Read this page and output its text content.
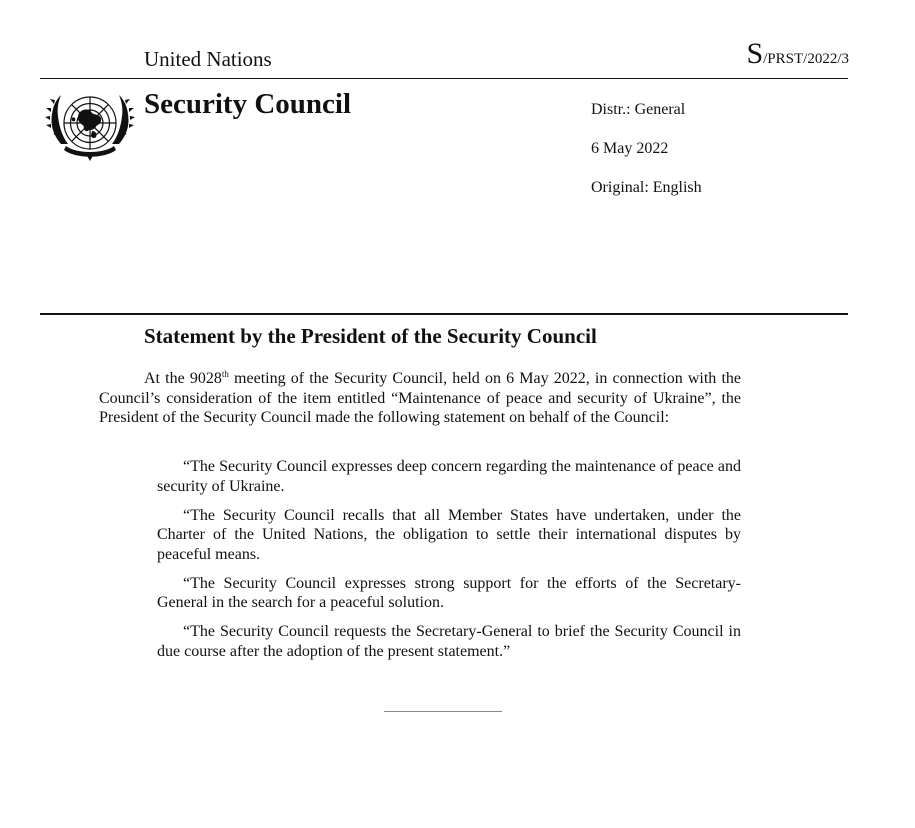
United Nations	S/PRST/2022/3
Security Council	Distr.: General
6 May 2022
Original: English
Statement by the President of the Security Council

At the 9028th meeting of the Security Council, held on 6 May 2022, in connection with the Council’s consideration of the item entitled “Maintenance of peace and security of Ukraine”, the President of the Security Council made the following statement on behalf of the Council:

“The Security Council expresses deep concern regarding the maintenance of peace and security of Ukraine.

“The Security Council recalls that all Member States have undertaken, under the Charter of the United Nations, the obligation to settle their international disputes by peaceful means.

“The Security Council expresses strong support for the efforts of the Secretary-General in the search for a peaceful solution.

“The Security Council requests the Secretary-General to brief the Security Council in due course after the adoption of the present statement.”
